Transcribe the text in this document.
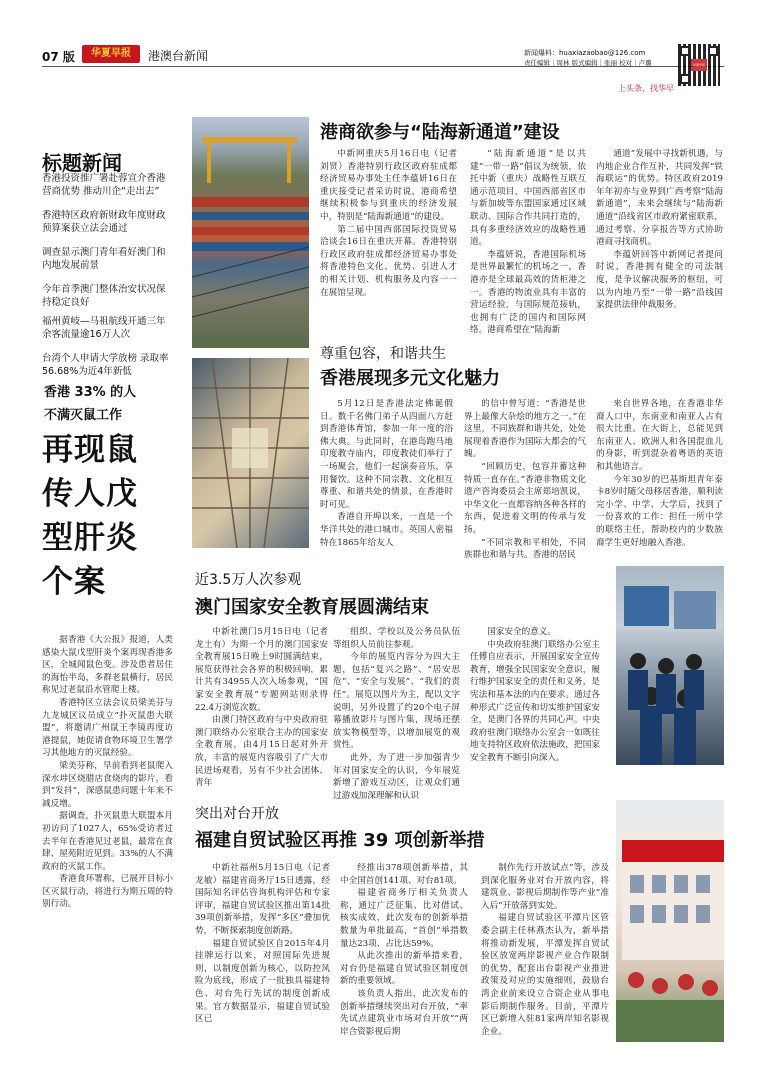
07 版	华夏早报	港澳台新闻	新闻爆料：huaxiazaobao@126.com
责任编辑｜周林 版式编辑｜张丽 校对｜卢璐
上头条，找华早
华夏早报
标题新闻
香港投资推广署赴蓉宣介香港营商优势 推动川企“走出去”
香港特区政府新财政年度财政预算案获立法会通过
调查显示澳门青年看好澳门和内地发展前景
今年首季澳门整体治安状况保持稳定良好
福州黄岐—马祖航线开通三年余客流量逾16万人次
台湾个人申请大学放榜 录取率56.68%为近4年新低
香港 33% 的人
不满灭鼠工作
再现鼠传人戊型肝炎个案

据香港《大公报》报道，人类感染大鼠戊型肝炎个案再现香港多区，全城闻鼠色变。涉及患者居住的海怡半岛，多群老鼠横行，居民称见过老鼠沿水管爬上楼。

香港特区立法会议员梁美芬与九龙城区议员成立“扑灭鼠患大联盟”，将邀请广州鼠王李镜再度访港提鼠，她促请食物环境卫生署学习其他地方的灭鼠经验。

梁美芬称，早前看到老鼠爬入深水埗区烧腊店食烧肉的影片，看到“发抖”，深感鼠患问题十年来不减反增。

据调查，扑灭鼠患大联盟本月初访问了1027人，65%受访者过去半年在香港见过老鼠，最常在食肆、屋苑附近见到。33%的人不满政府的灭鼠工作。

香港食环署称，已展开目标小区灭鼠行动，将进行为期五周的特别行动。

港商欲参与“陆海新通道”建设

中新网重庆5月16日电（记者 刘贤）香港特别行政区政府驻成都经济贸易办事处主任李蕴妍16日在重庆接受记者采访时说，港商希望继续积极参与到重庆的经济发展中，特别是“陆海新通道”的建设。

第二届中国西部国际投资贸易洽谈会16日在重庆开幕。香港特别行政区政府驻成都经济贸易办事处将香港特色文化、优势、引进人才的相关计划、机构服务及内容一一在展馆呈现。

“陆海新通道”是以共建“一带一路”倡议为统领，依托中新（重庆）战略性互联互通示范项目，中国西部省区市与新加坡等东盟国家通过区域联动、国际合作共同打造的，具有多重经济效应的战略性通道。

李蕴妍说，香港国际机场是世界最繁忙的机场之一，香港亦是全球最高效的货柜港之一。香港的物流业具有丰富的营运经验，与国际规范接轨，也拥有广泛的国内和国际网络。港商希望在“陆海新

通道”发展中寻找新机遇，与内地企业合作互补，共同发挥“铁海联运”的优势。特区政府2019年年初亦与业界到广西考察“陆海新通道”，未来会继续与“陆海新通道”沿线省区市政府紧密联系，通过考察、分享报告等方式协助港商寻找商机。

李蕴妍回答中新网记者提问时说，香港拥有健全的司法制度，是争议解决服务的枢纽，可以为内地乃至“一带一路”沿线国家提供法律仲裁服务。

尊重包容，和谐共生
香港展现多元文化魅力

5月12日是香港法定佛诞假日。数千名佛门弟子从四面八方赶到香港体育馆，参加一年一度的浴佛大典。与此同时，在港岛跑马地印度教寺庙内，印度教徒们举行了一场聚会，他们一起演奏音乐，享用餐饮。这种不同宗教、文化相互尊重、和谐共处的情景，在香港时时可见。

香港自开埠以来，一直是一个华洋共处的港口城市。英国人密福特在1865年给友人

的信中曾写道：“香港是世界上最像大杂烩的地方之一。”在这里，不同族群和谐共处，处处展现着香港作为国际大都会的气魄。

“回顾历史，包容并蓄这种特质一直存在。”香港非物质文化遗产咨询委员会主席郑培凯说，中华文化一直都容纳各种各样的东西，促进着文明的传承与发扬。

“不同宗教和平相处，不同族群也和谐与共。香港的居民

来自世界各地，在香港非华裔人口中，东南亚和南亚人占有很大比重。在大街上，总能见到东南亚人、欧洲人和各国混血儿的身影，听到混杂着粤语的英语和其他语言。

今年30岁的巴基斯坦青年泰卡8岁时随父母移居香港，顺利读完小学、中学、大学后，找到了一份喜欢的工作：担任一所中学的联络主任，帮助校内的少数族裔学生更好地融入香港。

近3.5万人次参观
澳门国家安全教育展圆满结束

中新社澳门5月15日电（记者 龙土有）为期一个月的澳门国家安全教育展15日晚上9时圆满结束，展览获得社会各界的积极回响，累计共有34955人次入场参观，“国家安全教育展”专题网站则录得22.4万浏览次数。

由澳门特区政府与中央政府驻澳门联络办公室联合主办的国家安全教育展，由4月15日起对外开放，丰富的展览内容吸引了广大市民进场观看，另有不少社会团体、青年

组织、学校以及公务员队伍等组织人员前往参观。

今年的展览内容分为四大主题，包括“复兴之路”、“居安思危”、“安全与发展”、“我们的责任”。展览以图片为主，配以文字说明，另外设置了约20个电子屏幕播放影片与图片集，现场还摆放实物模型等，以增加展览的观赏性。

此外，为了进一步加强青少年对国家安全的认识，今年展览新增了游戏互动区，让观众们通过游戏加深理解和认识

国家安全的意义。

中央政府驻澳门联络办公室主任傅自应表示，开展国家安全宣传教育，增强全民国家安全意识，履行维护国家安全的责任和义务，是宪法和基本法的内在要求。通过各种形式广泛宣传和切实维护国家安全，是澳门各界的共同心声。中央政府驻澳门联络办公室会一如既往地支持特区政府依法施政，把国家安全教育不断引向深入。

突出对台开放
福建自贸试验区再推 39 项创新举措

中新社福州5月15日电（记者 龙敏）福建省商务厅15日透露，经国际知名评估咨询机构评估和专家评审，福建自贸试验区推出第14批39项创新举措，发挥“多区”叠加优势，不断探索制度创新路。

福建自贸试验区自2015年4月挂牌运行以来，对照国际先进规则，以制度创新为核心，以防控风险为底线，形成了一批独具福建特色、对台先行先试的制度创新成果。官方数据显示，福建自贸试验区已

经推出378项创新举措，其中全国首创141项、对台81项。

福建省商务厅相关负责人称，通过广泛征集、比对借试、核实成效，此次发布的创新举措数量为单批最高，“首创”举措数量达23项、占比达59%。

从此次推出的新举措来看，对台仍是福建自贸试验区制度创新的重要领域。

该负责人指出，此次发布的创新举措继续突出对台开放，“率先试点建筑业市场对台开放”“两岸合资影视后期

制作先行开放试点”等，涉及到深化服务业对台开放内容，将建筑业、影视后期制作等产业“准入后”开放落到实处。

福建自贸试验区平潭片区管委会副主任林燕杰认为，新举措将推动新发展，平潭发挥自贸试验区放宽两岸影视产业合作限制的优势，配套出台影视产业推进政策及对应的实施细则，鼓励台湾企业前来设立合资企业从事电影后期制作服务。目前，平潭片区已新增入驻81家两岸知名影视企业。
